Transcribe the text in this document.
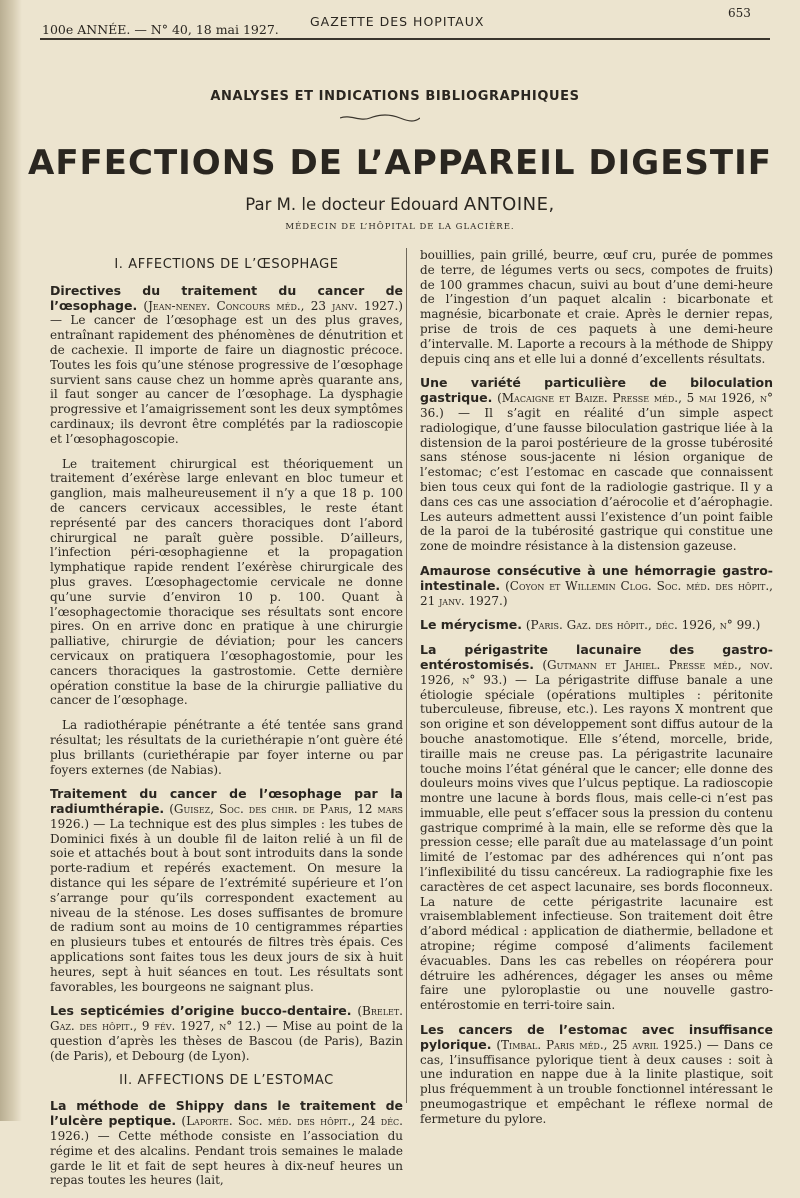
100e ANNÉE. — N° 40, 18 mai 1927.
GAZETTE DES HOPITAUX
653
ANALYSES ET INDICATIONS BIBLIOGRAPHIQUES
AFFECTIONS DE L’APPAREIL DIGESTIF
Par M. le docteur Edouard ANTOINE,
MÉDECIN DE L’HÔPITAL DE LA GLACIÈRE.
I. AFFECTIONS DE L’ŒSOPHAGE

Directives du traitement du cancer de l’œsophage. (Jean-neney. Concours méd., 23 janv. 1927.) — Le cancer de l’œsophage est un des plus graves, entraînant rapidement des phénomènes de dénutrition et de cachexie. Il importe de faire un diagnostic précoce. Toutes les fois qu’une sténose progressive de l’œsophage survient sans cause chez un homme après quarante ans, il faut songer au cancer de l’œsophage. La dysphagie progressive et l’amaigrissement sont les deux symptômes cardinaux; ils devront être complétés par la radioscopie et l’œsophagoscopie.

Le traitement chirurgical est théoriquement un traitement d’exérèse large enlevant en bloc tumeur et ganglion, mais malheureusement il n’y a que 18 p. 100 de cancers cervicaux accessibles, le reste étant représenté par des cancers thoraciques dont l’abord chirurgical ne paraît guère possible. D’ailleurs, l’infection péri-œsophagienne et la propagation lymphatique rapide rendent l’exérèse chirurgicale des plus graves. L’œsophagectomie cervicale ne donne qu’une survie d’environ 10 p. 100. Quant à l’œsophagectomie thoracique ses résultats sont encore pires. On en arrive donc en pratique à une chirurgie palliative, chirurgie de déviation; pour les cancers cervicaux on pratiquera l’œsophagostomie, pour les cancers thoraciques la gastrostomie. Cette dernière opération constitue la base de la chirurgie palliative du cancer de l’œsophage.

La radiothérapie pénétrante a été tentée sans grand résultat; les résultats de la curiethérapie n’ont guère été plus brillants (curiethérapie par foyer interne ou par foyers externes (de Nabias).

Traitement du cancer de l’œsophage par la radiumthérapie. (Guisez, Soc. des chir. de Paris, 12 mars 1926.) — La technique est des plus simples : les tubes de Dominici fixés à un double fil de laiton relié à un fil de soie et attachés bout à bout sont introduits dans la sonde porte-radium et repérés exactement. On mesure la distance qui les sépare de l’extrémité supérieure et l’on s’arrange pour qu’ils correspondent exactement au niveau de la sténose. Les doses suffisantes de bromure de radium sont au moins de 10 centigrammes réparties en plusieurs tubes et entourés de filtres très épais. Ces applications sont faites tous les deux jours de six à huit heures, sept à huit séances en tout. Les résultats sont favorables, les bourgeons ne saignant plus.

Les septicémies d’origine bucco-dentaire. (Brelet. Gaz. des hôpit., 9 fév. 1927, n° 12.) — Mise au point de la question d’après les thèses de Bascou (de Paris), Bazin (de Paris), et Debourg (de Lyon).

II. AFFECTIONS DE L’ESTOMAC

La méthode de Shippy dans le traitement de l’ulcère peptique. (Laporte. Soc. méd. des hôpit., 24 déc. 1926.) — Cette méthode consiste en l’association du régime et des alcalins. Pendant trois semaines le malade garde le lit et fait de sept heures à dix-neuf heures un repas toutes les heures (lait,

bouillies, pain grillé, beurre, œuf cru, purée de pommes de terre, de légumes verts ou secs, compotes de fruits) de 100 grammes chacun, suivi au bout d’une demi-heure de l’ingestion d’un paquet alcalin : bicarbonate et magnésie, bicarbonate et craie. Après le dernier repas, prise de trois de ces paquets à une demi-heure d’intervalle. M. Laporte a recours à la méthode de Shippy depuis cinq ans et elle lui a donné d’excellents résultats.

Une variété particulière de biloculation gastrique. (Macaigne et Baize. Presse méd., 5 mai 1926, n° 36.) — Il s’agit en réalité d’un simple aspect radiologique, d’une fausse biloculation gastrique liée à la distension de la paroi postérieure de la grosse tubérosité sans sténose sous-jacente ni lésion organique de l’estomac; c’est l’estomac en cascade que connaissent bien tous ceux qui font de la radiologie gastrique. Il y a dans ces cas une association d’aérocolie et d’aérophagie. Les auteurs admettent aussi l’existence d’un point faible de la paroi de la tubérosité gastrique qui constitue une zone de moindre résistance à la distension gazeuse.

Amaurose consécutive à une hémorragie gastro-intestinale. (Coyon et Willemin Clog. Soc. méd. des hôpit., 21 janv. 1927.)

Le mérycisme. (Paris. Gaz. des hôpit., déc. 1926, n° 99.)

La périgastrite lacunaire des gastro-entérostomisés. (Gutmann et Jahiel. Presse méd., nov. 1926, n° 93.) — La périgastrite diffuse banale a une étiologie spéciale (opérations multiples : péritonite tuberculeuse, fibreuse, etc.). Les rayons X montrent que son origine et son développement sont diffus autour de la bouche anastomotique. Elle s’étend, morcelle, bride, tiraille mais ne creuse pas. La périgastrite lacunaire touche moins l’état général que le cancer; elle donne des douleurs moins vives que l’ulcus peptique. La radioscopie montre une lacune à bords flous, mais celle-ci n’est pas immuable, elle peut s’effacer sous la pression du contenu gastrique comprimé à la main, elle se reforme dès que la pression cesse; elle paraît due au matelassage d’un point limité de l’estomac par des adhérences qui n’ont pas l’inflexibilité du tissu cancéreux. La radiographie fixe les caractères de cet aspect lacunaire, ses bords floconneux. La nature de cette périgastrite lacunaire est vraisemblablement infectieuse. Son traitement doit être d’abord médical : application de diathermie, belladone et atropine; régime composé d’aliments facilement évacuables. Dans les cas rebelles on réopérera pour détruire les adhérences, dégager les anses ou même faire une pyloroplastie ou une nouvelle gastro-entérostomie en terri-toire sain.

Les cancers de l’estomac avec insuffisance pylorique. (Timbal. Paris méd., 25 avril 1925.) — Dans ce cas, l’insuffisance pylorique tient à deux causes : soit à une induration en nappe due à la linite plastique, soit plus fréquemment à un trouble fonctionnel intéressant le pneumogastrique et empêchant le réflexe normal de fermeture du pylore.
